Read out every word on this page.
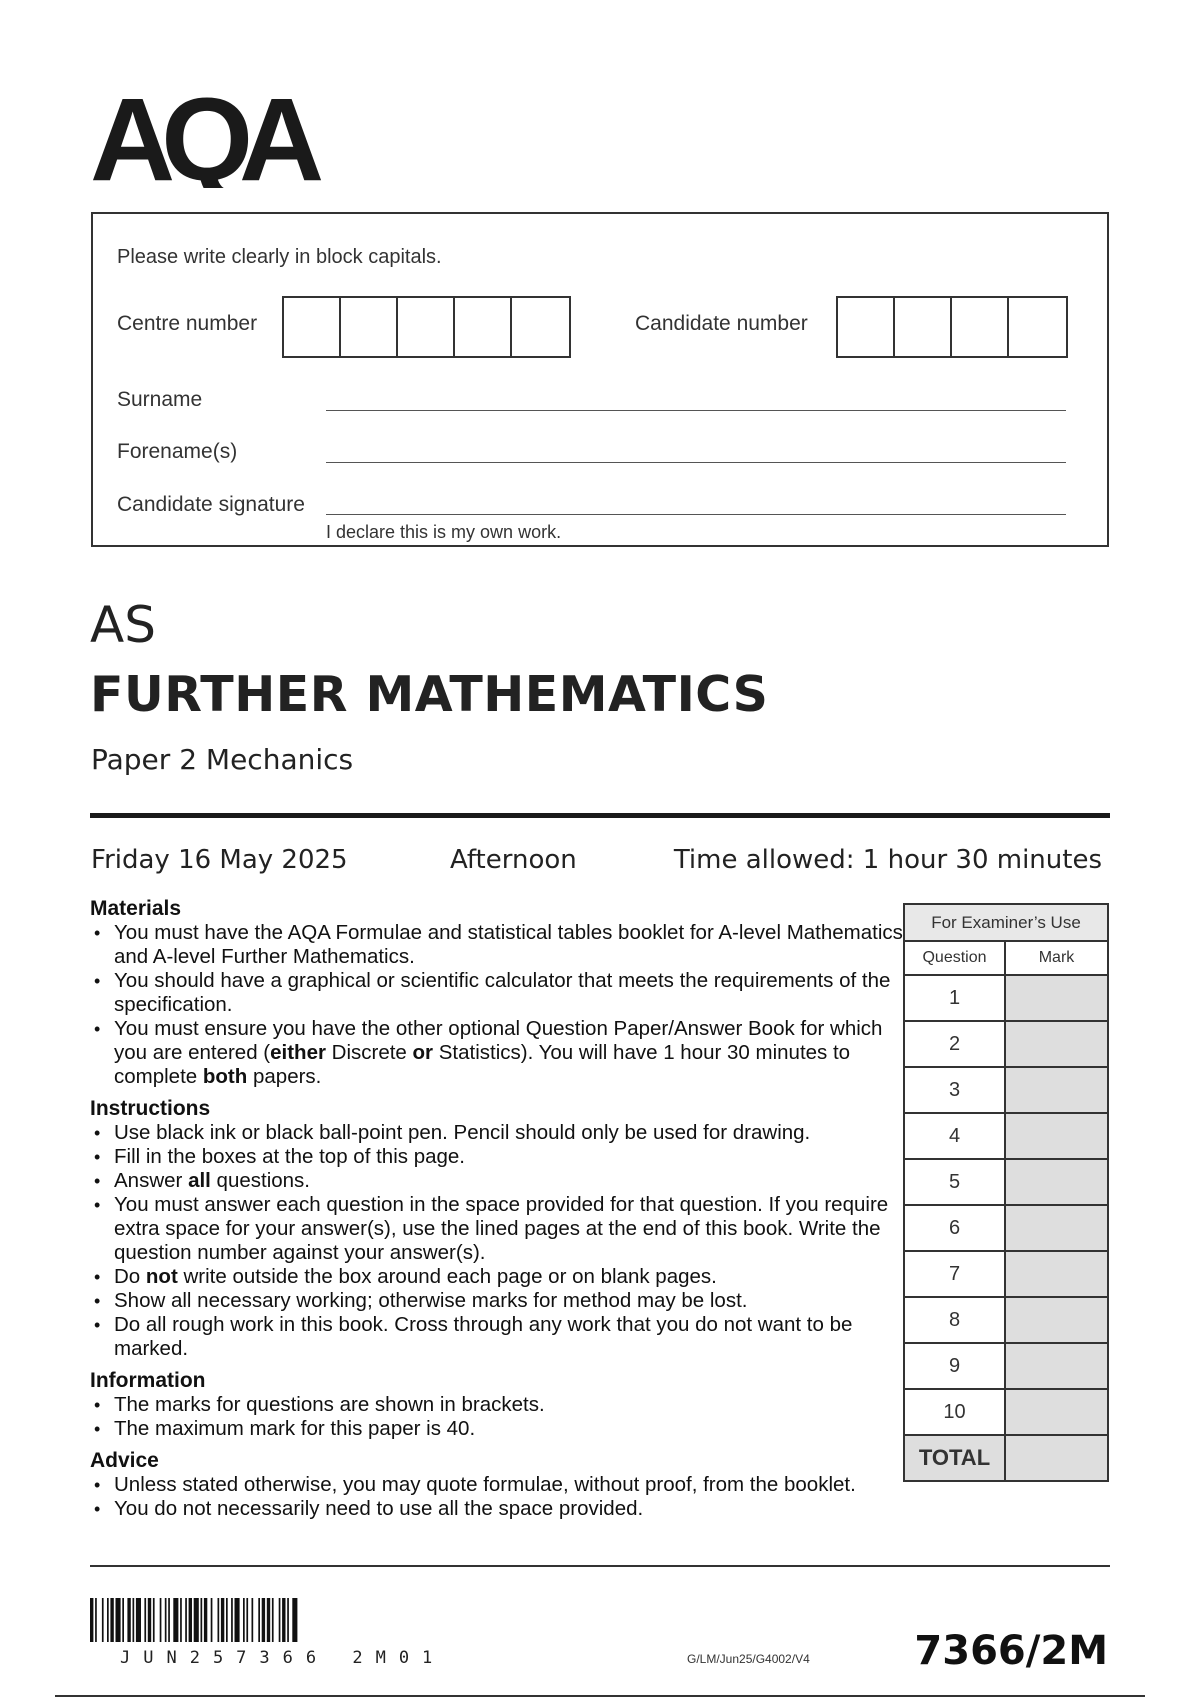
AQA
Please write clearly in block capitals.
Centre number	Candidate number
Surname
Forename(s)
Candidate signature
I declare this is my own work.
AS
FURTHER MATHEMATICS
Paper 2 Mechanics
Friday 16 May 2025	Afternoon	Time allowed: 1 hour 30 minutes
Materials
• You must have the AQA Formulae and statistical tables booklet for A-level Mathematics and A-level Further Mathematics.
• You should have a graphical or scientific calculator that meets the requirements of the specification.
• You must ensure you have the other optional Question Paper/Answer Book for which you are entered (either Discrete or Statistics). You will have 1 hour 30 minutes to complete both papers.
Instructions
• Use black ink or black ball-point pen. Pencil should only be used for drawing.
• Fill in the boxes at the top of this page.
• Answer all questions.
• You must answer each question in the space provided for that question. If you require extra space for your answer(s), use the lined pages at the end of this book. Write the question number against your answer(s).
• Do not write outside the box around each page or on blank pages.
• Show all necessary working; otherwise marks for method may be lost.
• Do all rough work in this book. Cross through any work that you do not want to be marked.
Information
• The marks for questions are shown in brackets.
• The maximum mark for this paper is 40.
Advice
• Unless stated otherwise, you may quote formulae, without proof, from the booklet.
• You do not necessarily need to use all the space provided.
For Examiner’s Use	
Question	Mark
1	
2	
3	
4	
5	
6	
7	
8	
9	
10	
TOTAL	
JUN257366 2M01	G/LM/Jun25/G4002/V4	7366/2M
